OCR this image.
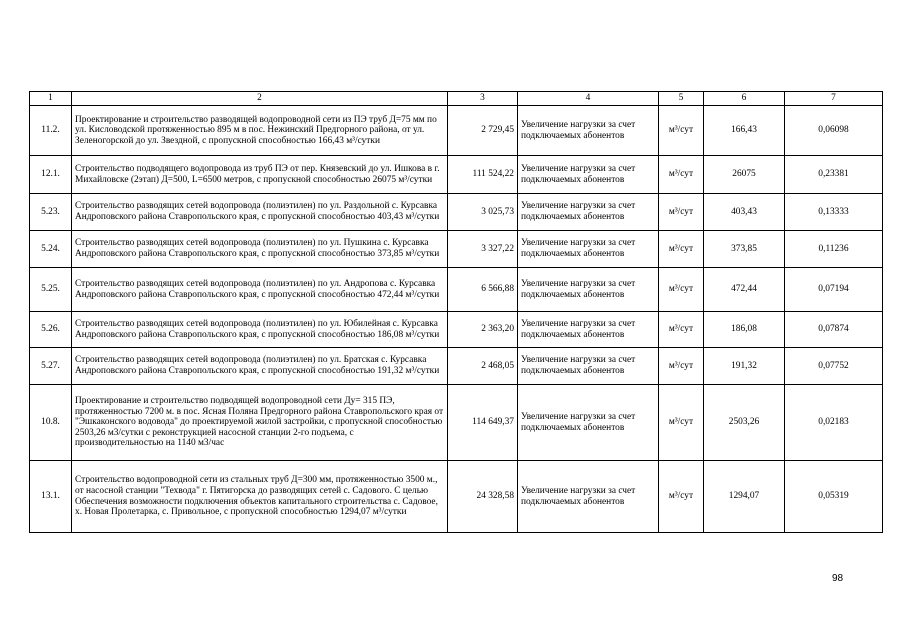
1	2	3	4	5	6	7
11.2.	Проектирование и строительство разводящей водопроводной сети из ПЭ труб Д=75 мм по ул. Кисловодской протяженностью 895 м в пос. Нежинский Предгорного района, от ул. Зеленогорской до ул. Звездной, с пропускной способностью 166,43 м³/сутки	2 729,45	Увеличение нагрузки за счет подключаемых абонентов	м³/сут	166,43	0,06098
12.1.	Строительство подводящего водопровода из труб ПЭ от пер. Князевский до ул. Ишкова в г. Михайловске (2этап) Д=500, L=6500 метров, с пропускной способностью 26075 м³/сутки	111 524,22	Увеличение нагрузки за счет подключаемых абонентов	м³/сут	26075	0,23381
5.23.	Строительство разводящих сетей водопровода (полиэтилен) по ул. Раздольной с. Курсавка Андроповского района Ставропольского края, с пропускной способностью 403,43 м³/сутки	3 025,73	Увеличение нагрузки за счет подключаемых абонентов	м³/сут	403,43	0,13333
5.24.	Строительство разводящих сетей водопровода (полиэтилен) по ул. Пушкина с. Курсавка Андроповского района Ставропольского края, с пропускной способностью 373,85 м³/сутки	3 327,22	Увеличение нагрузки за счет подключаемых абонентов	м³/сут	373,85	0,11236
5.25.	Строительство разводящих сетей водопровода (полиэтилен) по ул. Андропова с. Курсавка Андроповского района Ставропольского края, с пропускной способностью 472,44 м³/сутки	6 566,88	Увеличение нагрузки за счет подключаемых абонентов	м³/сут	472,44	0,07194
5.26.	Строительство разводящих сетей водопровода (полиэтилен) по ул. Юбилейная с. Курсавка Андроповского района Ставропольского края, с пропускной способностью 186,08 м³/сутки	2 363,20	Увеличение нагрузки за счет подключаемых абонентов	м³/сут	186,08	0,07874
5.27.	Строительство разводящих сетей водопровода (полиэтилен) по ул. Братская с. Курсавка Андроповского района Ставропольского края, с пропускной способностью 191,32 м³/сутки	2 468,05	Увеличение нагрузки за счет подключаемых абонентов	м³/сут	191,32	0,07752
10.8.	Проектирование и строительство подводящей водопроводной сети Ду= 315 ПЭ, протяженностью 7200 м. в пос. Ясная Поляна Предгорного района Ставропольского края от "Эшкаконского водовода" до проектируемой жилой застройки, с пропускной способностью 2503,26 м3/сутки с реконструкцией насосной станции 2-го подъема, с производительностью на 1140 м3/час	114 649,37	Увеличение нагрузки за счет подключаемых абонентов	м³/сут	2503,26	0,02183
13.1.	Строительство водопроводной сети из стальных труб Д=300 мм, протяженностью 3500 м., от насосной станции "Техвода" г. Пятигорска до разводящих сетей с. Садового. С целью Обеспечения возможности подключения объектов капитального строительства с. Садовое, х. Новая Пролетарка, с. Привольное, с пропускной способностью 1294,07 м³/сутки	24 328,58	Увеличение нагрузки за счет подключаемых абонентов	м³/сут	1294,07	0,05319
98
